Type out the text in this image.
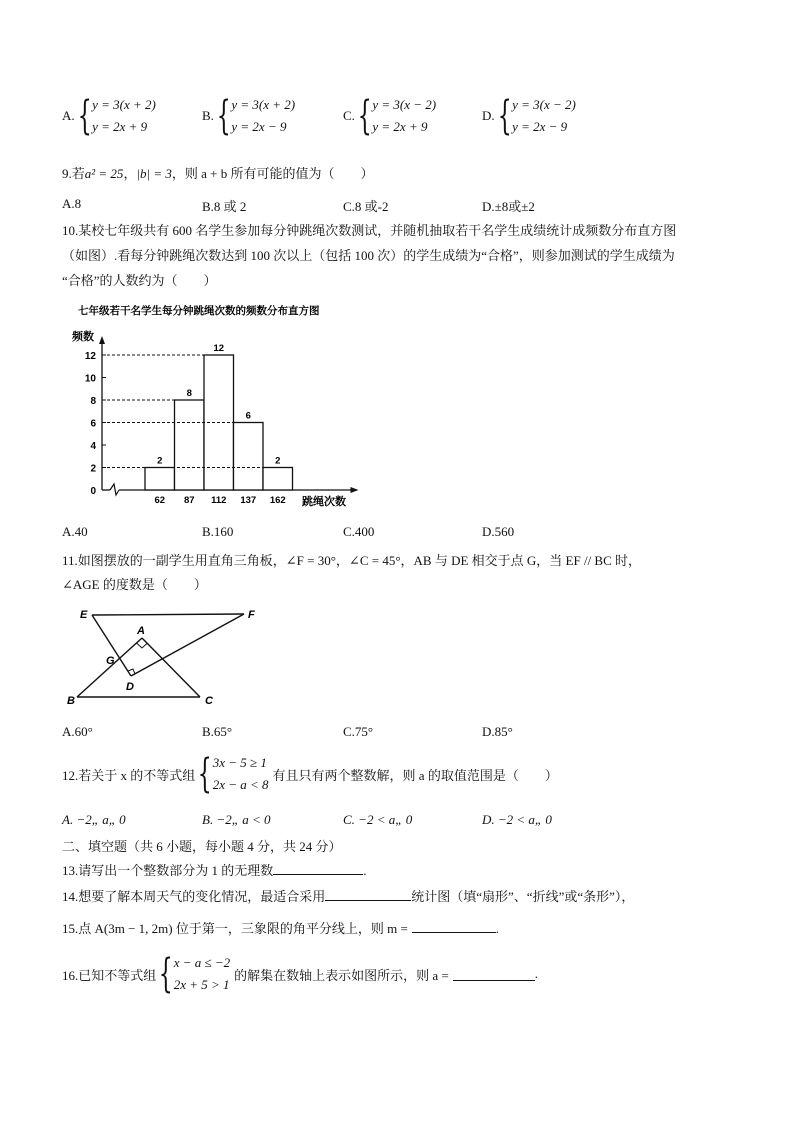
A. { y = 3(x + 2)
y = 2x + 9
B. { y = 3(x + 2)
y = 2x − 9
C. { y = 3(x − 2)
y = 2x + 9
D. { y = 3(x − 2)
y = 2x − 9
9.若a² = 25，|b| = 3，则 a + b 所有可能的值为（　　）
A.8	B.8 或 2	C.8 或-2	D.±8或±2
10.某校七年级共有 600 名学生参加每分钟跳绳次数测试，并随机抽取若干名学生成绩统计成频数分布直方图
（如图）.看每分钟跳绳次数达到 100 次以上（包括 100 次）的学生成绩为“合格”，则参加测试的学生成绩为
“合格”的人数约为（　　）
七年级若干名学生每分钟跳绳次数的频数分布直方图
频数
跳绳次数
0
2
4
6
8
10
12
2
62
8
87
12
112
6
137
2
162
A.40	B.160	C.400	D.560
11.如图摆放的一副学生用直角三角板，∠F = 30°，∠C = 45°，AB 与 DE 相交于点 G，当 EF // BC 时，
∠AGE 的度数是（　　）
E	F
A
G
D
B	C
A.60°	B.65°	C.75°	D.85°
12.若关于 x 的不等式组 { 3x − 5 ≥ 1
2x − a < 8
有且只有两个整数解，则 a 的取值范围是（　　）
A. −2„ a„ 0	B. −2„ a < 0	C. −2 < a„ 0	D. −2 < a„ 0
二、填空题（共 6 小题，每小题 4 分，共 24 分）
13.请写出一个整数部分为 1 的无理数	.
14.想要了解本周天气的变化情况，最适合采用	统计图（填“扇形”、“折线”或“条形”），
15.点 A(3m − 1, 2m) 位于第一，三象限的角平分线上，则 m =	.
16.已知不等式组 { x − a ≤ −2
2x + 5 > 1
的解集在数轴上表示如图所示，则 a =	.
